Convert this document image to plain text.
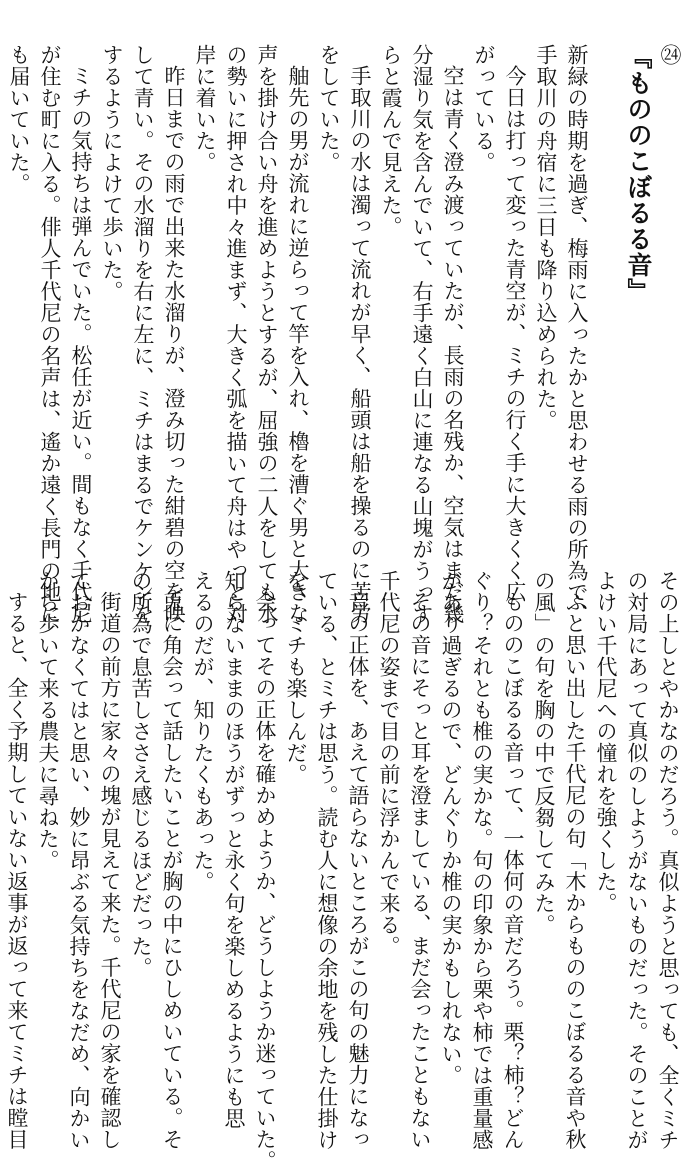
㉔

『もののこぼるる音』

新緑の時期を過ぎ、梅雨に入ったかと思わせる雨の所為で、

手取川の舟宿に三日も降り込められた。

今日は打って変った青空が、ミチの行く手に大きくく広

がっている。

空は青く澄み渡っていたが、長雨の名残か、空気はまだ幾

分湿り気を含んでいて、右手遠く白山に連なる山塊がうっす

らと霞んで見えた。

手取川の水は濁って流れが早く、船頭は船を操るのに苦労

をしていた。

舳先の男が流れに逆らって竿を入れ、櫓を漕ぐ男と大きな

声を掛け合い舟を進めようとするが、屈強の二人をしても水

の勢いに押され中々進まず、大きく弧を描いて舟はやっと対

岸に着いた。

昨日までの雨で出来た水溜りが、澄み切った紺碧の空を映

して青い。その水溜りを右に左に、ミチはまるでケンケンを

するようによけて歩いた。

ミチの気持ちは弾んでいた。松任が近い。間もなく千代尼

が住む町に入る。俳人千代尼の名声は、遙か遠く長門の地に

も届いていた。

その上しとやかなのだろう。真似ようと思っても、全くミチ

の対局にあって真似のしようがないものだった。そのことが

よけい千代尼への憧れを強くした。

ふと思い出した千代尼の句「木からもののこぼるる音や秋

の風」の句を胸の中で反芻してみた。

もののこぼるる音って、一体何の音だろう。栗？柿？どん

ぐり？それとも椎の実かな。句の印象から栗や柿では重量感

があり過ぎるので、どんぐりか椎の実かもしれない。

その音にそっと耳を澄ましている、まだ会ったこともない

千代尼の姿まで目の前に浮かんで来る。

音の正体を、あえて語らないところがこの句の魅力になっ

ている、とミチは思う。読む人に想像の余地を残した仕掛け

を、ミチも楽しんだ。

会ってその正体を確かめようか、どうしようか迷っていた。

知らないままのほうがずっと永く句を楽しめるようにも思

えるのだが、知りたくもあった。

兎に角会って話したいことが胸の中にひしめいている。そ

の所為で息苦しささえ感じるほどだった。

街道の前方に家々の塊が見えて来た。千代尼の家を確認し

ておかなくてはと思い、妙に昂ぶる気持ちをなだめ、向かい

から歩いて来る農夫に尋ねた。

すると、全く予期していない返事が返って来てミチは瞠目
